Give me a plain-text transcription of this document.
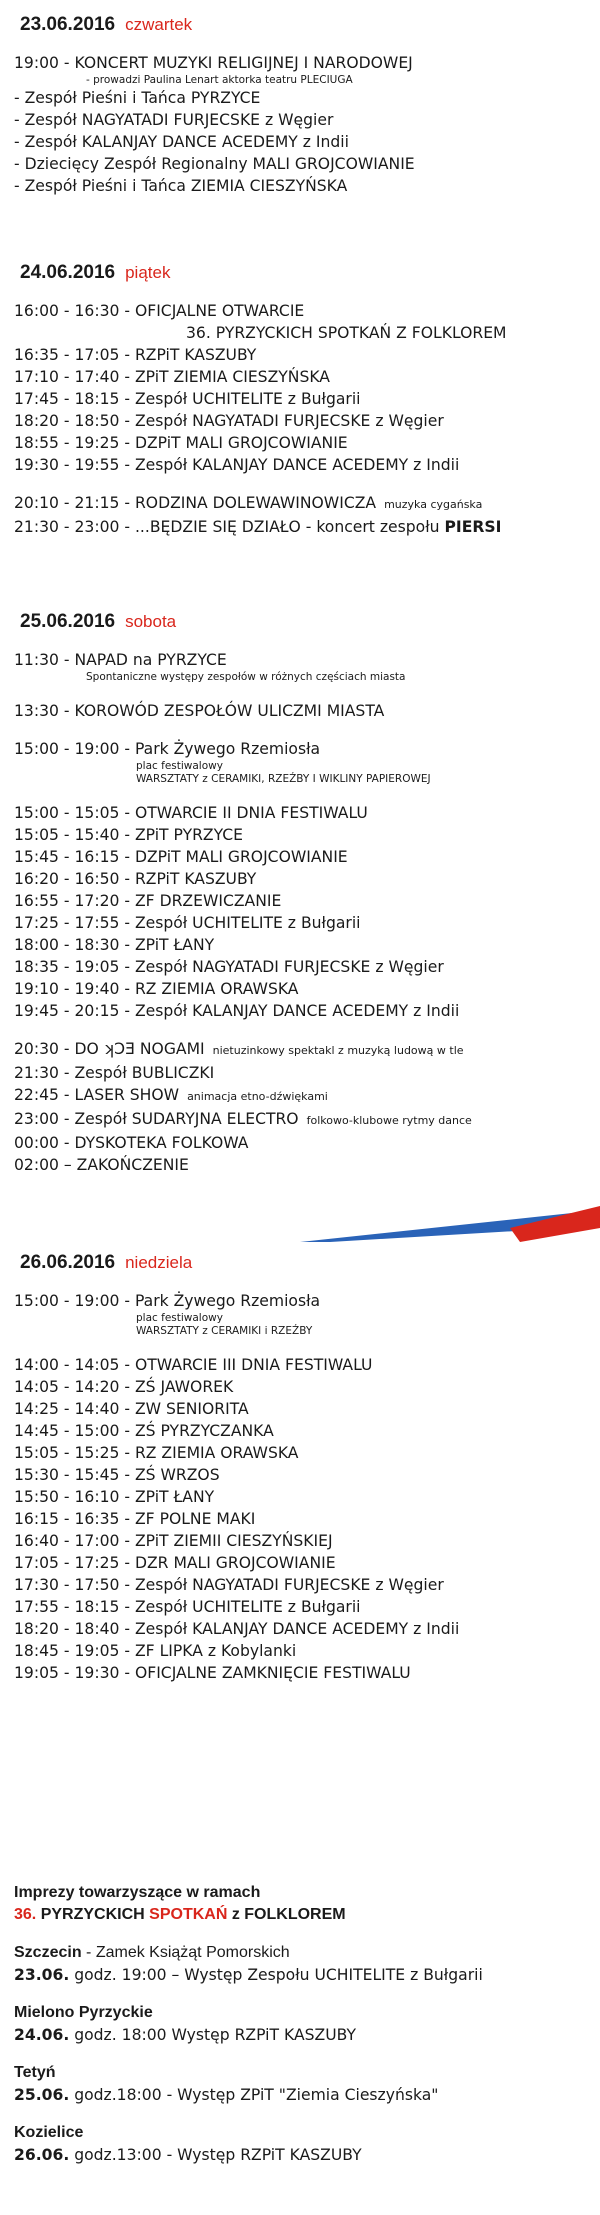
23.06.2016 czwartek
19:00 - KONCERT MUZYKI RELIGIJNEJ I NARODOWEJ
- prowadzi Paulina Lenart aktorka teatru PLECIUGA
- Zespół Pieśni i Tańca PYRZYCE
- Zespół NAGYATADI FURJECSKE z Węgier
- Zespół KALANJAY DANCE ACEDEMY z Indii
- Dziecięcy Zespół Regionalny MALI GROJCOWIANIE
- Zespół Pieśni i Tańca ZIEMIA CIESZYŃSKA
24.06.2016 piątek
16:00 - 16:30 - OFICJALNE OTWARCIE
36. PYRZYCKICH SPOTKAŃ Z FOLKLOREM
16:35 - 17:05 - RZPiT KASZUBY
17:10 - 17:40 - ZPiT ZIEMIA CIESZYŃSKA
17:45 - 18:15 - Zespół UCHITELITE z Bułgarii
18:20 - 18:50 - Zespół NAGYATADI FURJECSKE z Węgier
18:55 - 19:25 - DZPiT MALI GROJCOWIANIE
19:30 - 19:55 - Zespół KALANJAY DANCE ACEDEMY z Indii
20:10 - 21:15 - RODZINA DOLEWAWINOWICZA muzyka cygańska
21:30 - 23:00 - ...BĘDZIE SIĘ DZIAŁO - koncert zespołu PIERSI
25.06.2016 sobota
11:30 - NAPAD na PYRZYCE
Spontaniczne występy zespołów w różnych częściach miasta
13:30 - KOROWÓD ZESPOŁÓW ULICZMI MIASTA
15:00 - 19:00 - Park Żywego Rzemiosła
plac festiwalowy
WARSZTATY z CERAMIKI, RZEŹBY I WIKLINY PAPIEROWEJ
15:00 - 15:05 - OTWARCIE II DNIA FESTIWALU
15:05 - 15:40 - ZPiT PYRZYCE
15:45 - 16:15 - DZPiT MALI GROJCOWIANIE
16:20 - 16:50 - RZPiT KASZUBY
16:55 - 17:20 - ZF DRZEWICZANIE
17:25 - 17:55 - Zespół UCHITELITE z Bułgarii
18:00 - 18:30 - ZPiT ŁANY
18:35 - 19:05 - Zespół NAGYATADI FURJECSKE z Węgier
19:10 - 19:40 - RZ ZIEMIA ORAWSKA
19:45 - 20:15 - Zespół KALANJAY DANCE ACEDEMY z Indii
20:30 - DO ʞƆƎ NOGAMI nietuzinkowy spektakl z muzyką ludową w tle
21:30 - Zespół BUBLICZKI
22:45 - LASER SHOW animacja etno-dźwiękami
23:00 - Zespół SUDARYJNA ELECTRO folkowo-klubowe rytmy dance
00:00 - DYSKOTEKA FOLKOWA
02:00 – ZAKOŃCZENIE
26.06.2016 niedziela
15:00 - 19:00 - Park Żywego Rzemiosła
plac festiwalowy
WARSZTATY z CERAMIKI i RZEŹBY
14:00 - 14:05 - OTWARCIE III DNIA FESTIWALU
14:05 - 14:20 - ZŚ JAWOREK
14:25 - 14:40 - ZW SENIORITA
14:45 - 15:00 - ZŚ PYRZYCZANKA
15:05 - 15:25 - RZ ZIEMIA ORAWSKA
15:30 - 15:45 - ZŚ WRZOS
15:50 - 16:10 - ZPiT ŁANY
16:15 - 16:35 - ZF POLNE MAKI
16:40 - 17:00 - ZPiT ZIEMII CIESZYŃSKIEJ
17:05 - 17:25 - DZR MALI GROJCOWIANIE
17:30 - 17:50 - Zespół NAGYATADI FURJECSKE z Węgier
17:55 - 18:15 - Zespół UCHITELITE z Bułgarii
18:20 - 18:40 - Zespół KALANJAY DANCE ACEDEMY z Indii
18:45 - 19:05 - ZF LIPKA z Kobylanki
19:05 - 19:30 - OFICJALNE ZAMKNIĘCIE FESTIWALU
Imprezy towarzyszące w ramach
36. PYRZYCKICH SPOTKAŃ z FOLKLOREM
Szczecin - Zamek Książąt Pomorskich
23.06. godz. 19:00 – Występ Zespołu UCHITELITE z Bułgarii
Mielono Pyrzyckie
24.06. godz. 18:00 Występ RZPiT KASZUBY
Tetyń
25.06. godz.18:00 - Występ ZPiT "Ziemia Cieszyńska"
Kozielice
26.06. godz.13:00 - Występ RZPiT KASZUBY
